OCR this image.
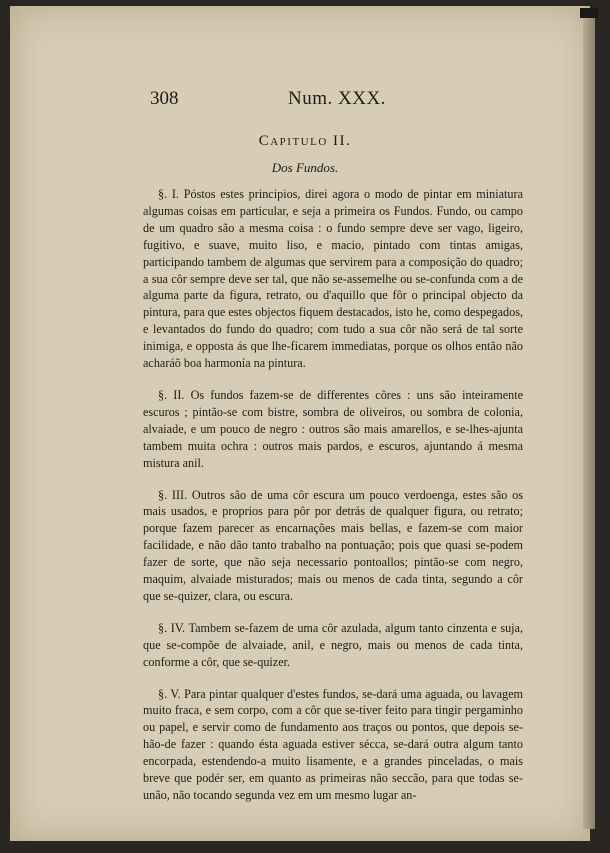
308	Num. XXX.
Capitulo II.
Dos Fundos.

§. I. Póstos estes principios, direi agora o modo de pintar em miniatura algumas coisas em particular, e seja a primeira os Fundos. Fundo, ou campo de um quadro são a mesma coisa : o fundo sempre deve ser vago, ligeiro, fugitivo, e suave, muito liso, e macio, pintado com tintas amigas, participando tambem de algumas que servirem para a composição do quadro; a sua côr sempre deve ser tal, que não se-assemelhe ou se-confunda com a de alguma parte da figura, retrato, ou d'aquillo que fôr o principal objecto da pintura, para que estes objectos fiquem destacados, isto he, como despegados, e levantados do fundo do quadro; com tudo a sua côr não será de tal sorte inimiga, e opposta ás que lhe-ficarem immediatas, porque os olhos então não acharáõ boa harmonía na pintura.

§. II. Os fundos fazem-se de differentes côres : uns são inteiramente escuros ; pintão-se com bistre, sombra de oliveiros, ou sombra de colonia, alvaiade, e um pouco de negro : outros são mais amarellos, e se-lhes-ajunta tambem muita ochra : outros mais pardos, e escuros, ajuntando á mesma mistura anil.

§. III. Outros são de uma côr escura um pouco verdoenga, estes são os mais usados, e proprios para pôr por detrás de qualquer figura, ou retrato; porque fazem parecer as encarnações mais bellas, e fazem-se com maior facilidade, e não dão tanto trabalho na pontuação; pois que quasi se-podem fazer de sorte, que não seja necessario pontoallos; pintão-se com negro, maquim, alvaiade misturados; mais ou menos de cada tinta, segundo a côr que se-quizer, clara, ou escura.

§. IV. Tambem se-fazem de uma côr azulada, algum tanto cinzenta e suja, que se-compõe de alvaiade, anil, e negro, mais ou menos de cada tinta, conforme a côr, que se-quizer.

§. V. Para pintar qualquer d'estes fundos, se-dará uma aguada, ou lavagem muito fraca, e sem corpo, com a côr que se-tiver feito para tingir pergaminho ou papel, e servir como de fundamento aos traços ou pontos, que depois se-hão-de fazer : quando ésta aguada estiver sécca, se-dará outra algum tanto encorpada, estendendo-a muito lisamente, e a grandes pinceladas, o mais breve que podér ser, em quanto as primeiras não seccão, para que todas se-unão, não tocando segunda vez em um mesmo lugar an-
